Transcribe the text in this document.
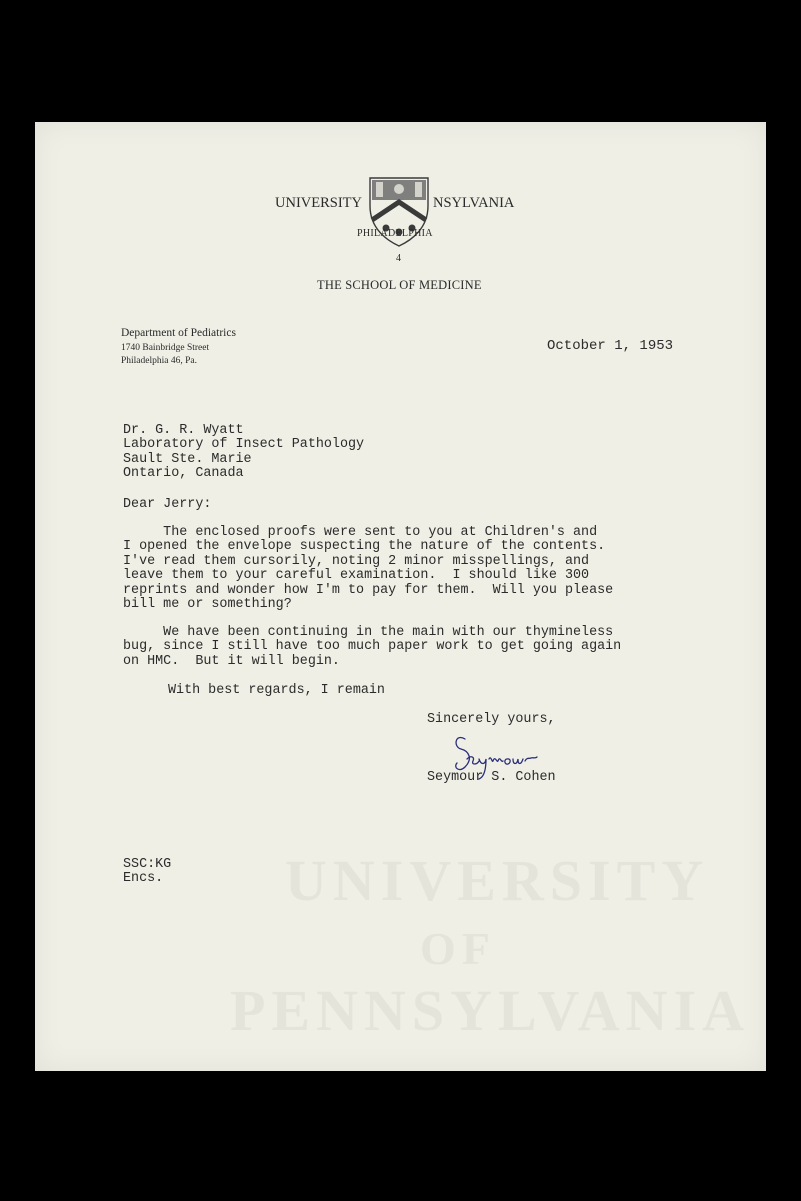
UNIVERSITY
OF
PENNSYLVANIA
UNIVERSITY	NSYLVANIA
PHILADELPHIA
4
THE SCHOOL OF MEDICINE
Department of Pediatrics
1740 Bainbridge Street
Philadelphia 46, Pa.
October 1, 1953
Dr. G. R. Wyatt
Laboratory of Insect Pathology
Sault Ste. Marie
Ontario, Canada
Dear Jerry:
The enclosed proofs were sent to you at Children's and
I opened the envelope suspecting the nature of the contents.
I've read them cursorily, noting 2 minor misspellings, and
leave them to your careful examination.  I should like 300
reprints and wonder how I'm to pay for them.  Will you please
bill me or something?
We have been continuing in the main with our thymineless
bug, since I still have too much paper work to get going again
on HMC.  But it will begin.
With best regards, I remain
Sincerely yours,
Seymour S. Cohen
SSC:KG
Encs.
